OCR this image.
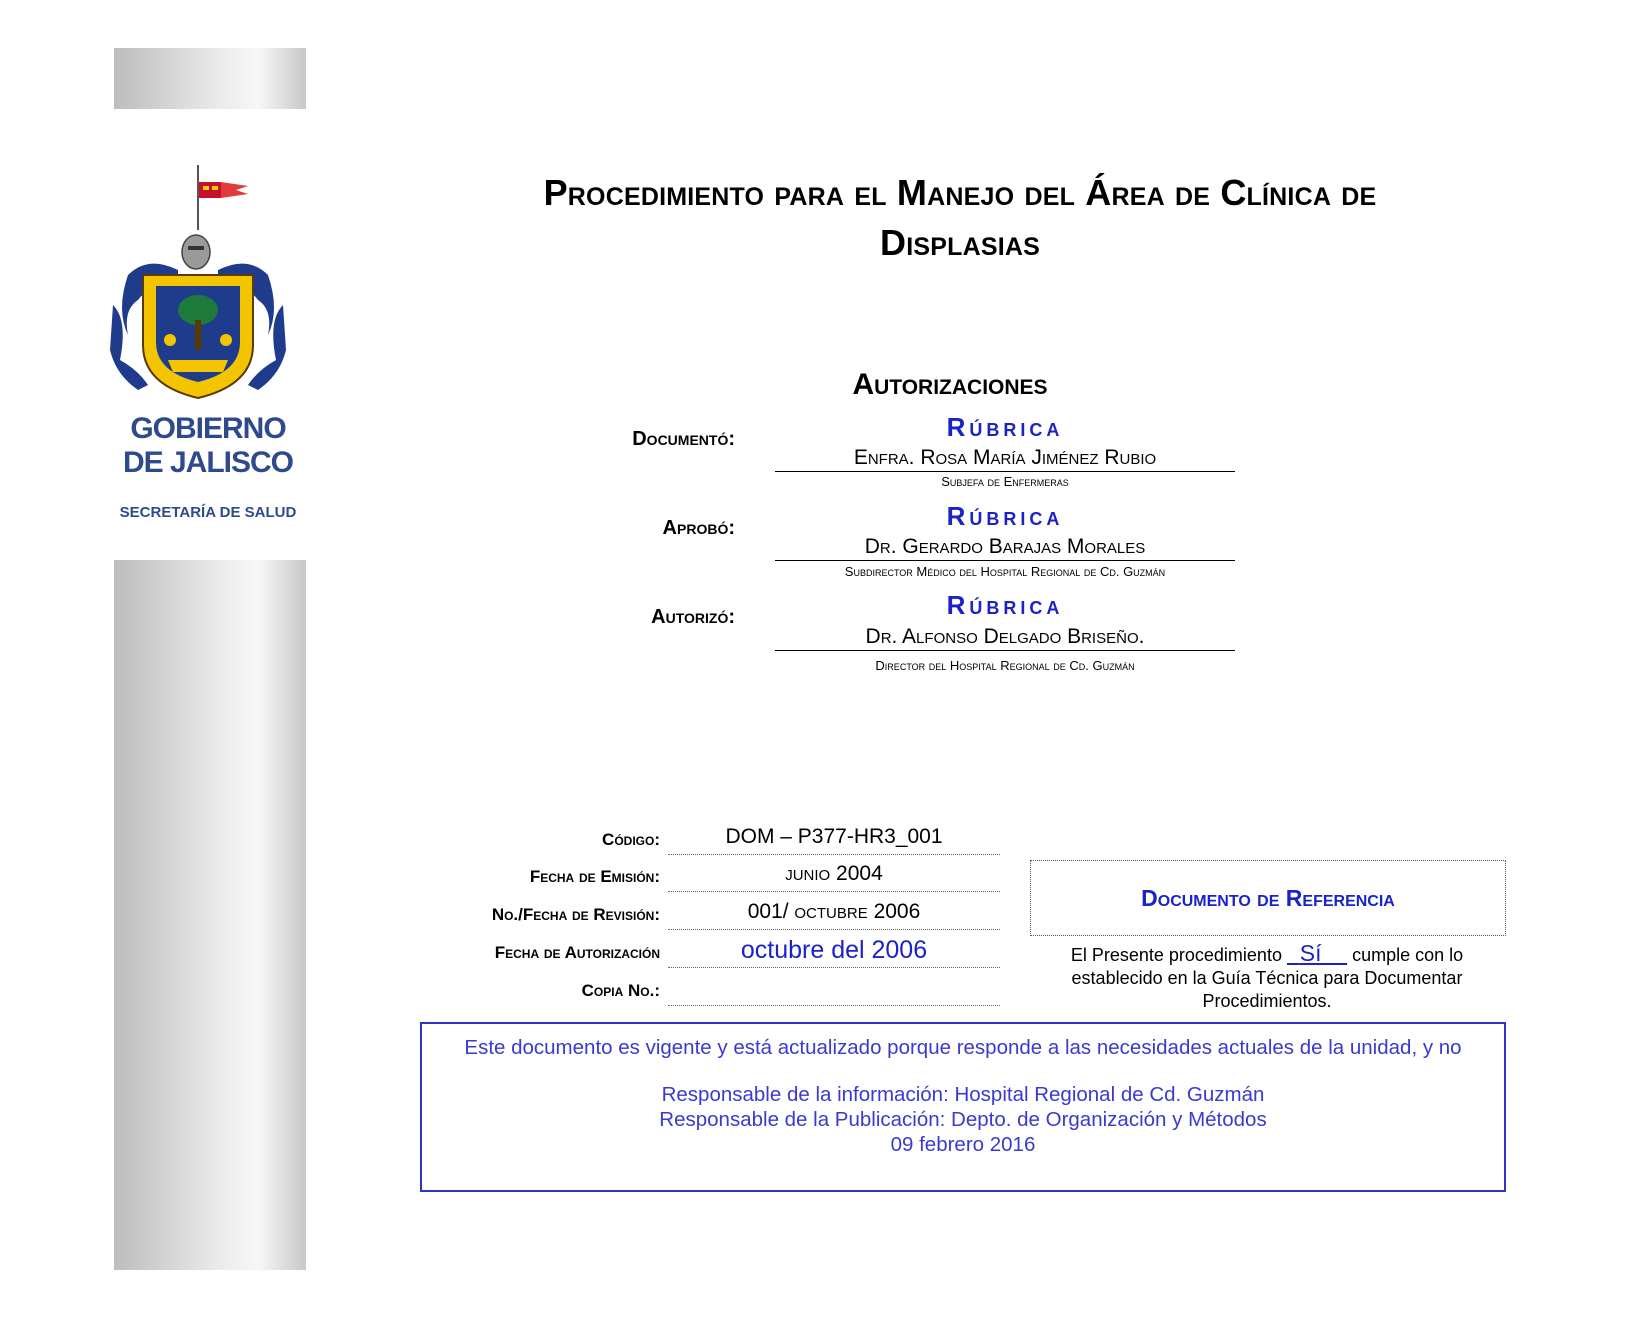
GOBIERNO
DE JALISCO
SECRETARÍA DE SALUD
Procedimiento para el Manejo del Área de Clínica de
Displasias
Autorizaciones
Documentó:	Rúbrica
Enfra. Rosa María Jiménez Rubio
Subjefa de Enfermeras
Aprobó:	Rúbrica
Dr. Gerardo Barajas Morales
Subdirector Médico del Hospital Regional de Cd. Guzmán
Autorizó:	Rúbrica
Dr. Alfonso Delgado Briseño.
Director del Hospital Regional de Cd. Guzmán
Código:	DOM – P377-HR3_001
Fecha de Emisión:	junio 2004
No./Fecha de Revisión:	001/ octubre 2006
Fecha de Autorización	octubre del 2006
Copia No.:
Documento de Referencia
El Presente procedimiento Sí cumple con lo establecido en la Guía Técnica para Documentar Procedimientos.
Este documento es vigente y está actualizado porque responde a las necesidades actuales de la unidad, y no
Responsable de la información: Hospital Regional de Cd. Guzmán
Responsable de la Publicación: Depto. de Organización y Métodos
09 febrero 2016
